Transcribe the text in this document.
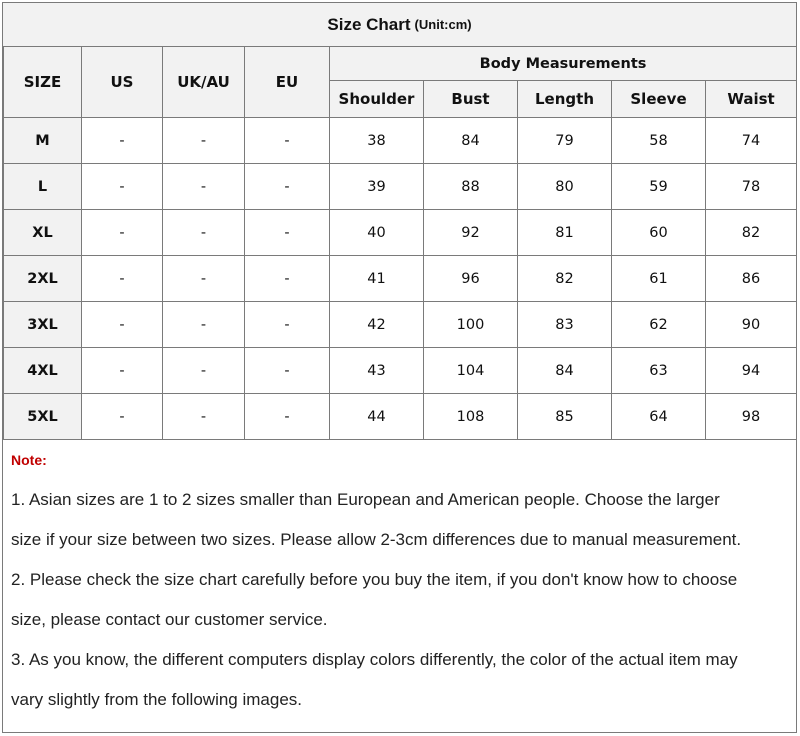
Size Chart (Unit:cm)
SIZE	US	UK/AU	EU	Body Measurements				
				Shoulder	Bust	Length	Sleeve	Waist
M	-	-	-	38	84	79	58	74
L	-	-	-	39	88	80	59	78
XL	-	-	-	40	92	81	60	82
2XL	-	-	-	41	96	82	61	86
3XL	-	-	-	42	100	83	62	90
4XL	-	-	-	43	104	84	63	94
5XL	-	-	-	44	108	85	64	98
Note:
1. Asian sizes are 1 to 2 sizes smaller than European and American people. Choose the larger
size if your size between two sizes. Please allow 2-3cm differences due to manual measurement.
2. Please check the size chart carefully before you buy the item, if you don't know how to choose
size, please contact our customer service.
3. As you know, the different computers display colors differently, the color of the actual item may
vary slightly from the following images.
